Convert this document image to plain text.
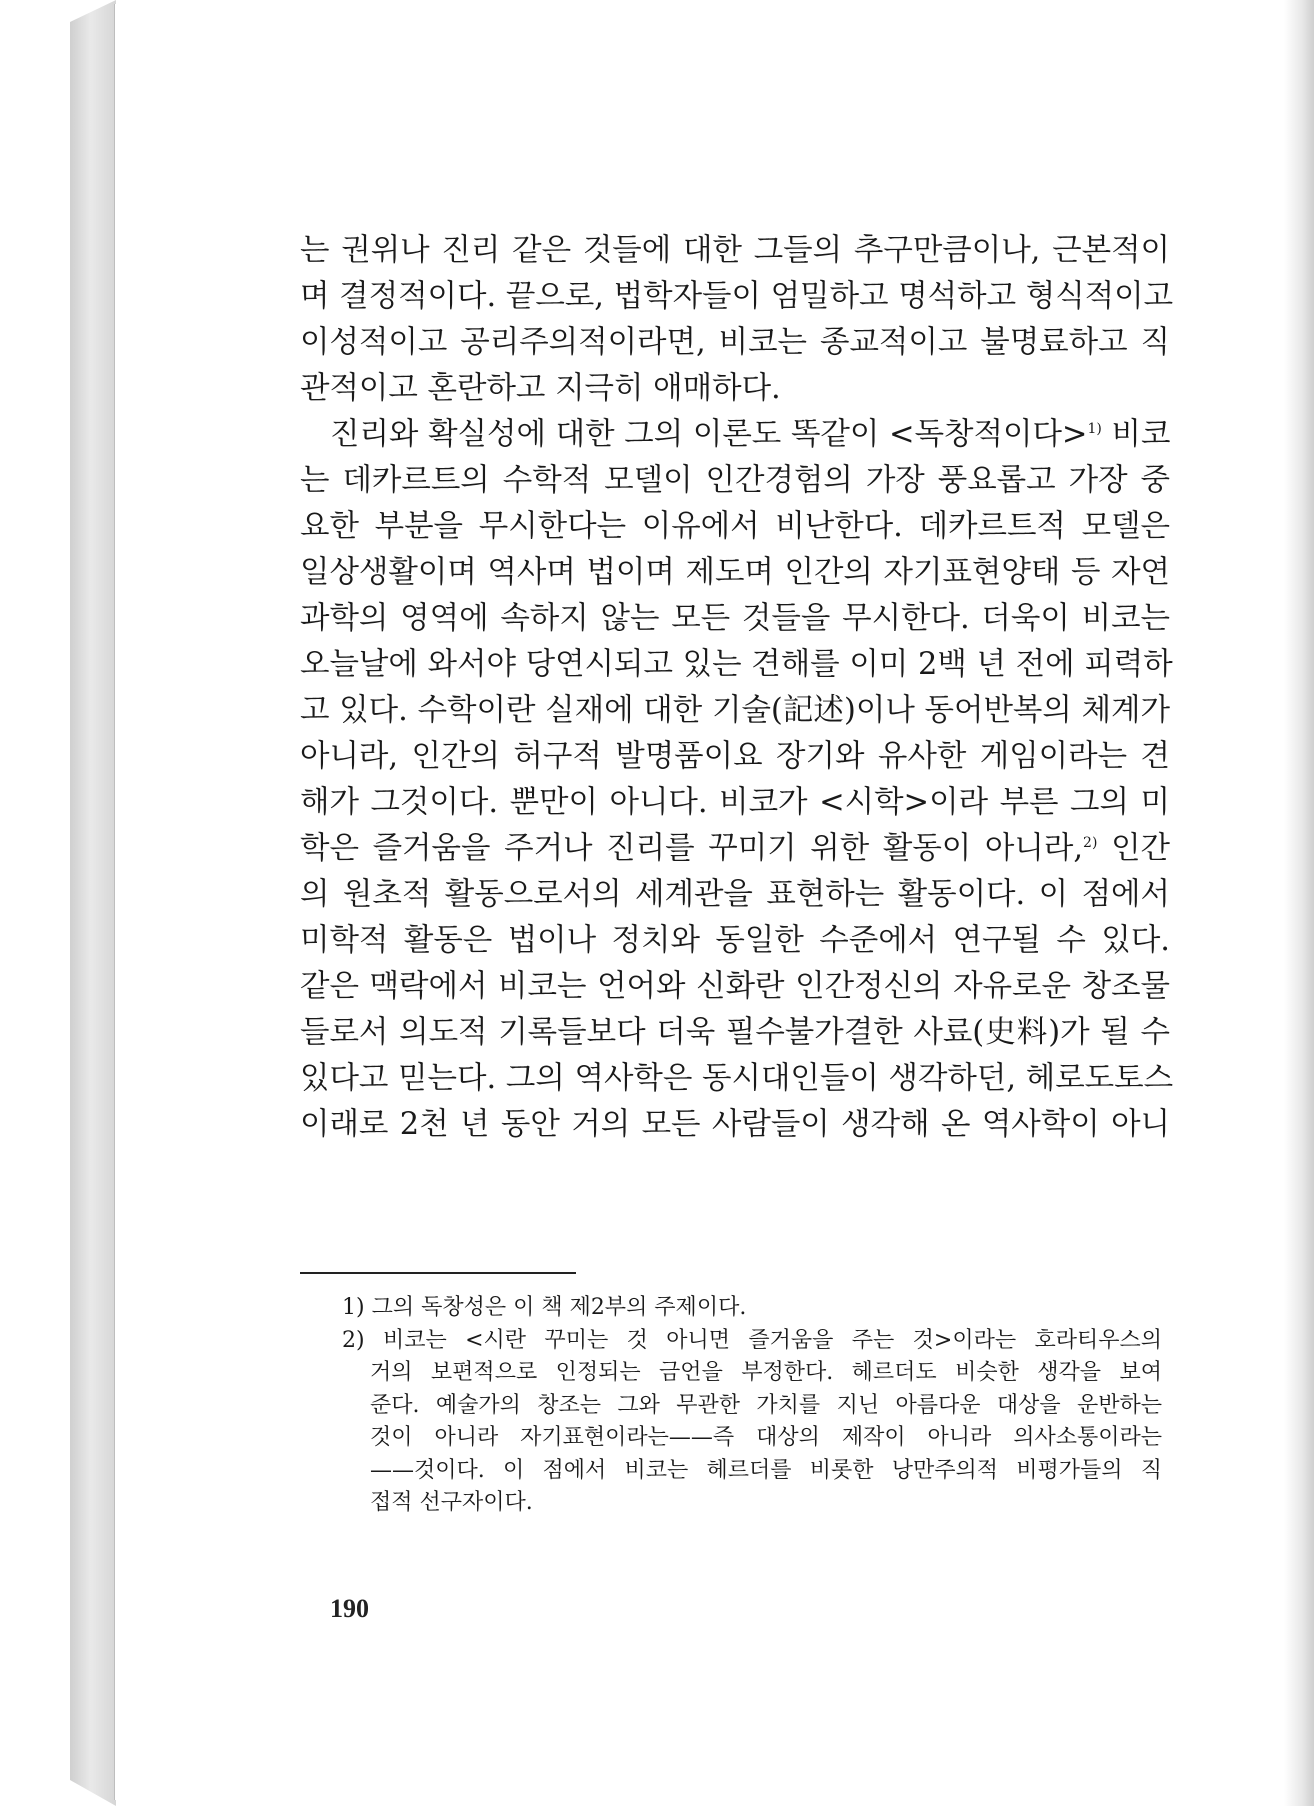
는 권위나 진리 같은 것들에 대한 그들의 추구만큼이나, 근본적이
며 결정적이다. 끝으로, 법학자들이 엄밀하고 명석하고 형식적이고
이성적이고 공리주의적이라면, 비코는 종교적이고 불명료하고 직
관적이고 혼란하고 지극히 애매하다.
진리와 확실성에 대한 그의 이론도 똑같이 <독창적이다>$^{1)}$ 비코
는 데카르트의 수학적 모델이 인간경험의 가장 풍요롭고 가장 중
요한 부분을 무시한다는 이유에서 비난한다. 데카르트적 모델은
일상생활이며 역사며 법이며 제도며 인간의 자기표현양태 등 자연
과학의 영역에 속하지 않는 모든 것들을 무시한다. 더욱이 비코는
오늘날에 와서야 당연시되고 있는 견해를 이미 2백 년 전에 피력하
고 있다. 수학이란 실재에 대한 기술(記述)이나 동어반복의 체계가
아니라, 인간의 허구적 발명품이요 장기와 유사한 게임이라는 견
해가 그것이다. 뿐만이 아니다. 비코가 <시학>이라 부른 그의 미
학은 즐거움을 주거나 진리를 꾸미기 위한 활동이 아니라,$^{2)}$ 인간
의 원초적 활동으로서의 세계관을 표현하는 활동이다. 이 점에서
미학적 활동은 법이나 정치와 동일한 수준에서 연구될 수 있다.
같은 맥락에서 비코는 언어와 신화란 인간정신의 자유로운 창조물
들로서 의도적 기록들보다 더욱 필수불가결한 사료(史料)가 될 수
있다고 믿는다. 그의 역사학은 동시대인들이 생각하던, 헤로도토스
이래로 2천 년 동안 거의 모든 사람들이 생각해 온 역사학이 아니
1) 그의 독창성은 이 책 제2부의 주제이다.
2) 비코는 <시란 꾸미는 것 아니면 즐거움을 주는 것>이라는 호라티우스의
거의 보편적으로 인정되는 금언을 부정한다. 헤르더도 비슷한 생각을 보여
준다. 예술가의 창조는 그와 무관한 가치를 지닌 아름다운 대상을 운반하는
것이 아니라 자기표현이라는——즉 대상의 제작이 아니라 의사소통이라는
——것이다. 이 점에서 비코는 헤르더를 비롯한 낭만주의적 비평가들의 직
접적 선구자이다.
190
